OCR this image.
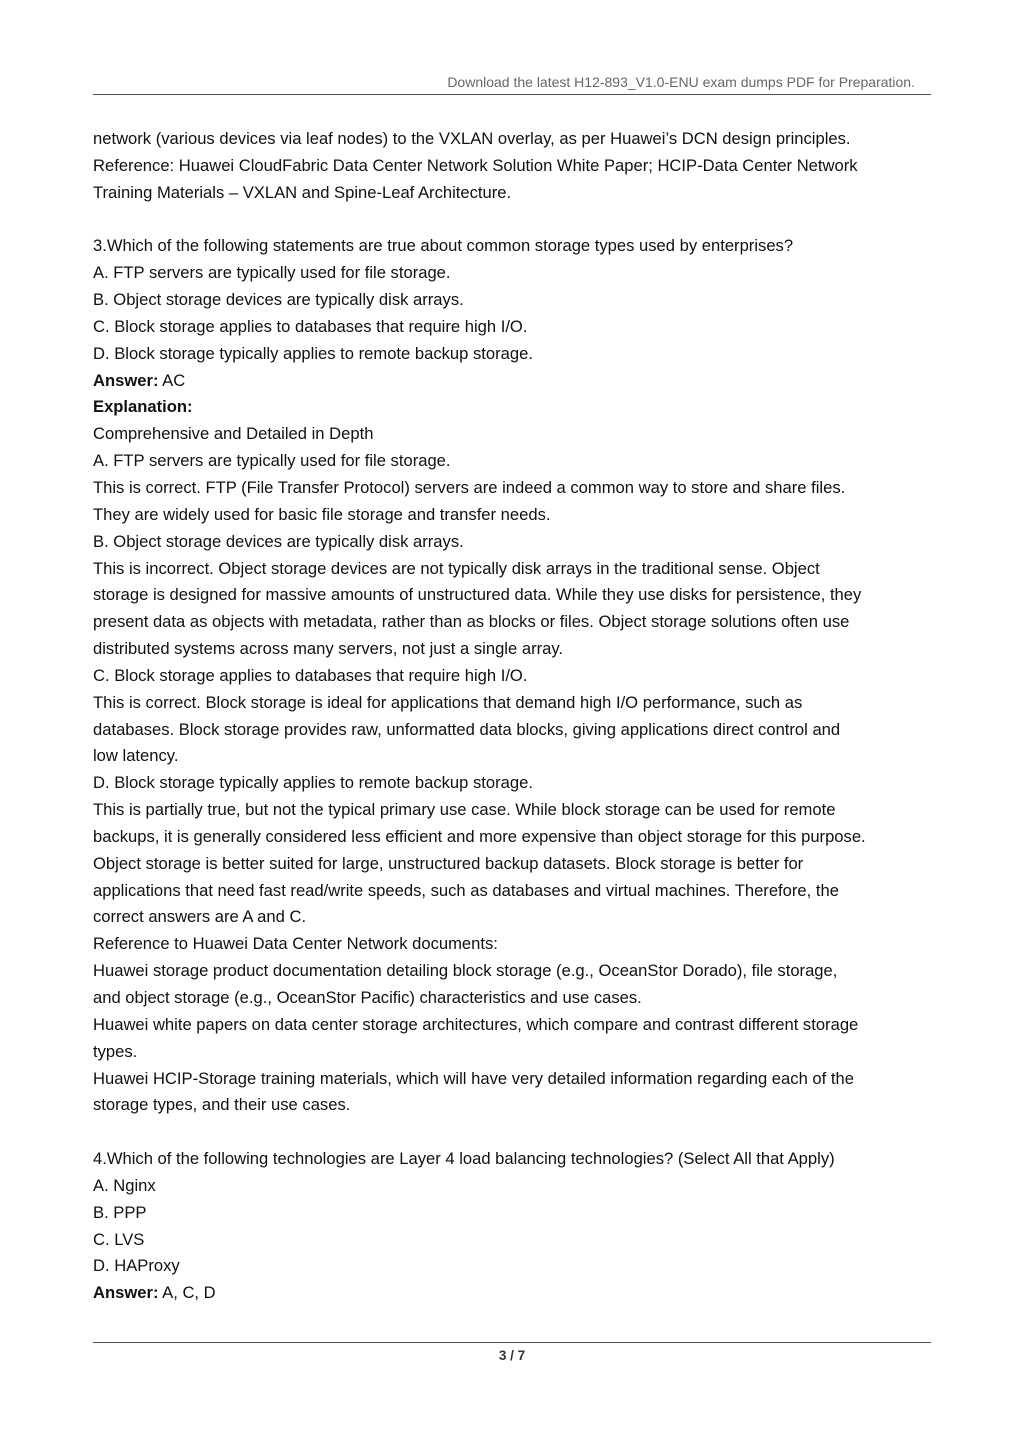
Download the latest H12-893_V1.0-ENU exam dumps PDF for Preparation.
network (various devices via leaf nodes) to the VXLAN overlay, as per Huawei’s DCN design principles.
Reference: Huawei CloudFabric Data Center Network Solution White Paper; HCIP-Data Center Network
Training Materials – VXLAN and Spine-Leaf Architecture.
3.Which of the following statements are true about common storage types used by enterprises?
A. FTP servers are typically used for file storage.
B. Object storage devices are typically disk arrays.
C. Block storage applies to databases that require high I/O.
D. Block storage typically applies to remote backup storage.
Answer: AC
Explanation:
Comprehensive and Detailed in Depth
A. FTP servers are typically used for file storage.
This is correct. FTP (File Transfer Protocol) servers are indeed a common way to store and share files.
They are widely used for basic file storage and transfer needs.
B. Object storage devices are typically disk arrays.
This is incorrect. Object storage devices are not typically disk arrays in the traditional sense. Object
storage is designed for massive amounts of unstructured data. While they use disks for persistence, they
present data as objects with metadata, rather than as blocks or files. Object storage solutions often use
distributed systems across many servers, not just a single array.
C. Block storage applies to databases that require high I/O.
This is correct. Block storage is ideal for applications that demand high I/O performance, such as
databases. Block storage provides raw, unformatted data blocks, giving applications direct control and
low latency.
D. Block storage typically applies to remote backup storage.
This is partially true, but not the typical primary use case. While block storage can be used for remote
backups, it is generally considered less efficient and more expensive than object storage for this purpose.
Object storage is better suited for large, unstructured backup datasets. Block storage is better for
applications that need fast read/write speeds, such as databases and virtual machines. Therefore, the
correct answers are A and C.
Reference to Huawei Data Center Network documents:
Huawei storage product documentation detailing block storage (e.g., OceanStor Dorado), file storage,
and object storage (e.g., OceanStor Pacific) characteristics and use cases.
Huawei white papers on data center storage architectures, which compare and contrast different storage
types.
Huawei HCIP-Storage training materials, which will have very detailed information regarding each of the
storage types, and their use cases.
4.Which of the following technologies are Layer 4 load balancing technologies? (Select All that Apply)
A. Nginx
B. PPP
C. LVS
D. HAProxy
Answer: A, C, D
3 / 7
